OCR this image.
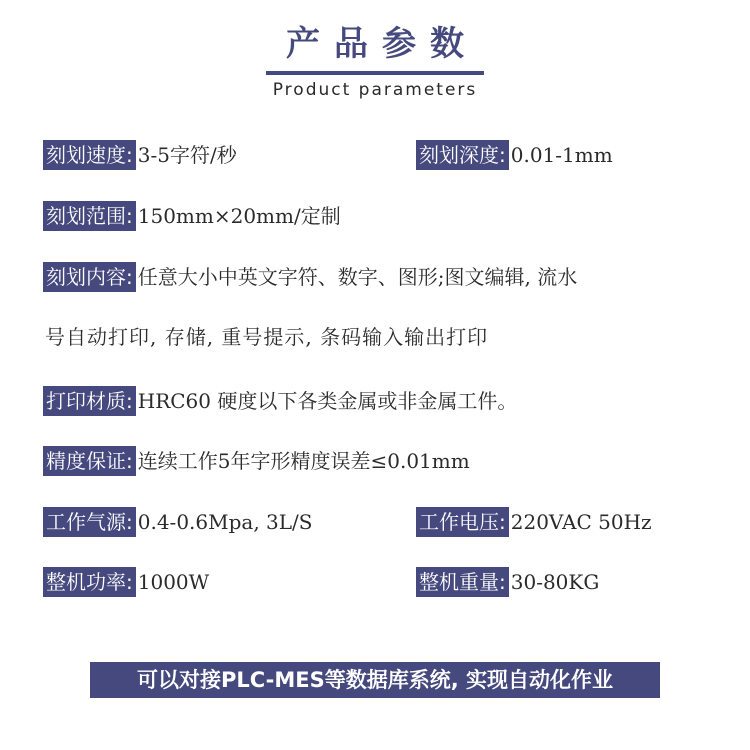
产品参数
Product parameters
刻划速度: 3-5字符/秒	刻划深度: 0.01-1mm
刻划范围: 150mm×20mm/定制
刻划内容: 任意大小中英文字符、数字、图形;图文编辑, 流水
号自动打印, 存储, 重号提示, 条码输入输出打印
打印材质: HRC60 硬度以下各类金属或非金属工件。
精度保证: 连续工作5年字形精度误差≤0.01mm
工作气源: 0.4-0.6Mpa, 3L/S	工作电压: 220VAC 50Hz
整机功率: 1000W	整机重量: 30-80KG
可以对接PLC-MES等数据库系统, 实现自动化作业
